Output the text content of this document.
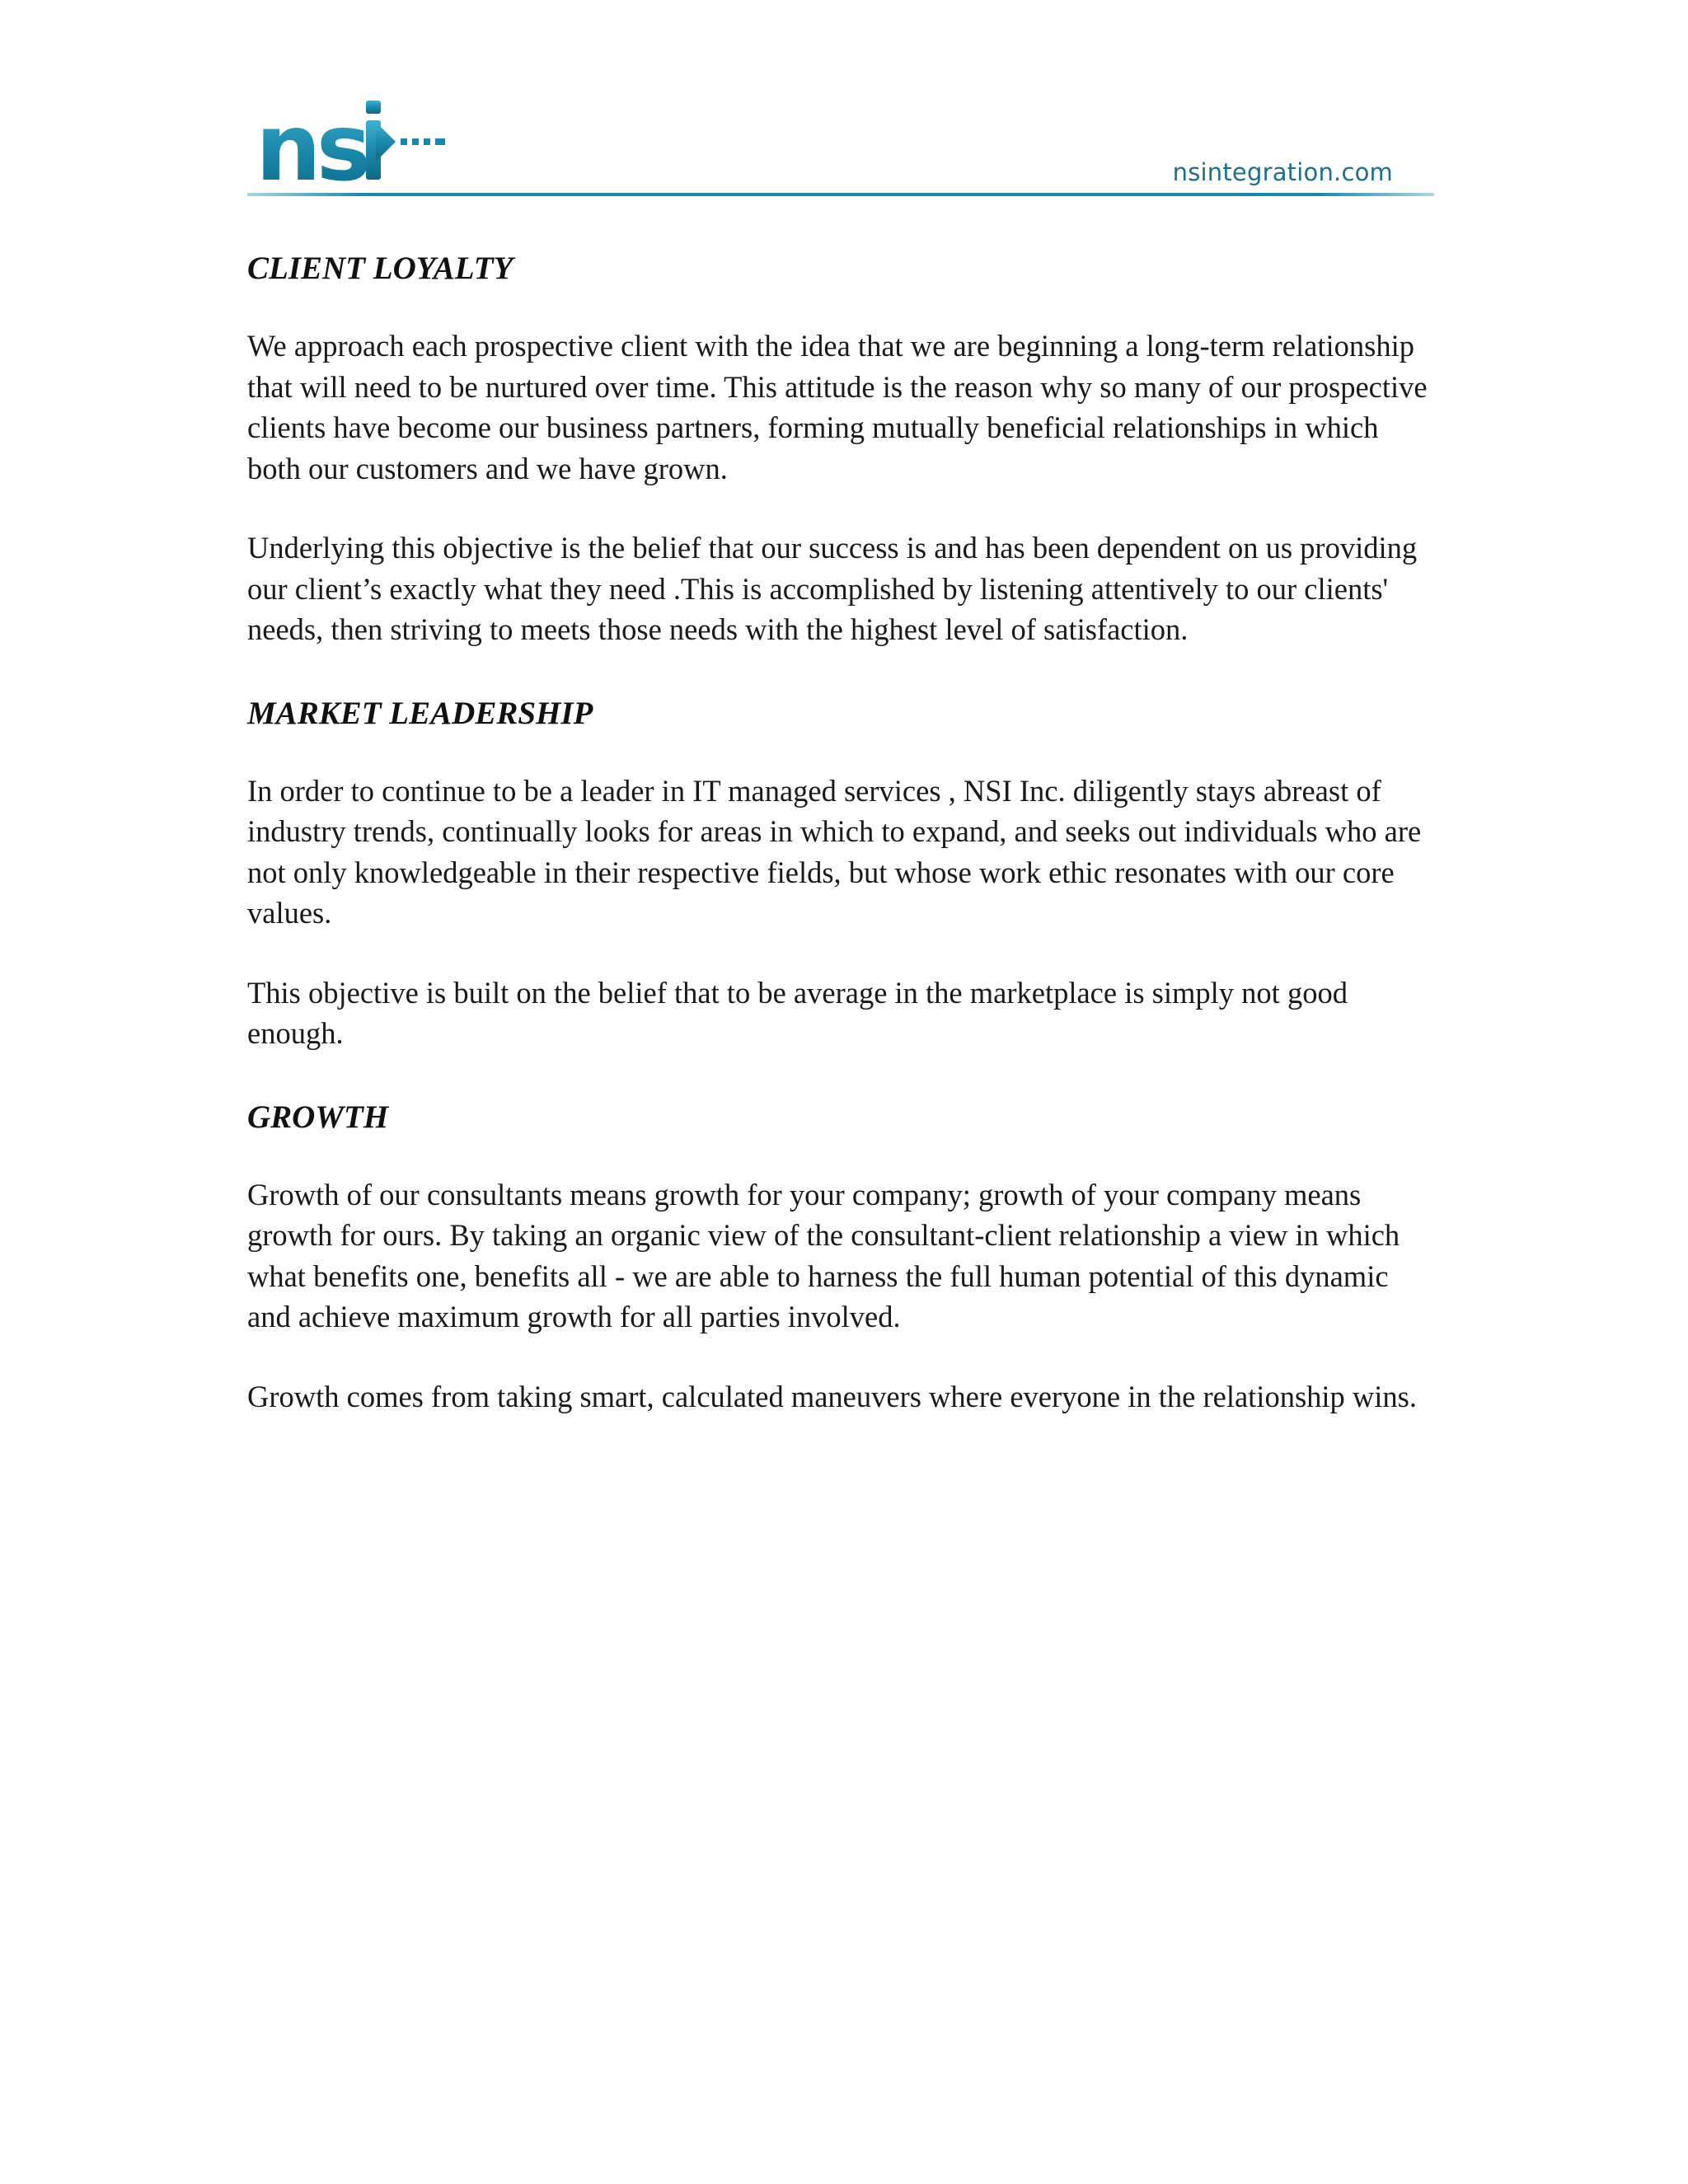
ns	nsintegration.com
CLIENT LOYALTY

We approach each prospective client with the idea that we are beginning a long-term relationship that will need to be nurtured over time. This attitude is the reason why so many of our prospective clients have become our business partners, forming mutually beneficial relationships in which both our customers and we have grown.

Underlying this objective is the belief that our success is and has been dependent on us providing our client’s exactly what they need .This is accomplished by listening attentively to our clients' needs, then striving to meets those needs with the highest level of satisfaction.

MARKET LEADERSHIP

In order to continue to be a leader in IT managed services , NSI Inc. diligently stays abreast of industry trends, continually looks for areas in which to expand, and seeks out individuals who are not only knowledgeable in their respective fields, but whose work ethic resonates with our core values.

This objective is built on the belief that to be average in the marketplace is simply not good enough.

GROWTH

Growth of our consultants means growth for your company; growth of your company means growth for ours. By taking an organic view of the consultant-client relationship a view in which what benefits one, benefits all - we are able to harness the full human potential of this dynamic and achieve maximum growth for all parties involved.

Growth comes from taking smart, calculated maneuvers where everyone in the relationship wins.
